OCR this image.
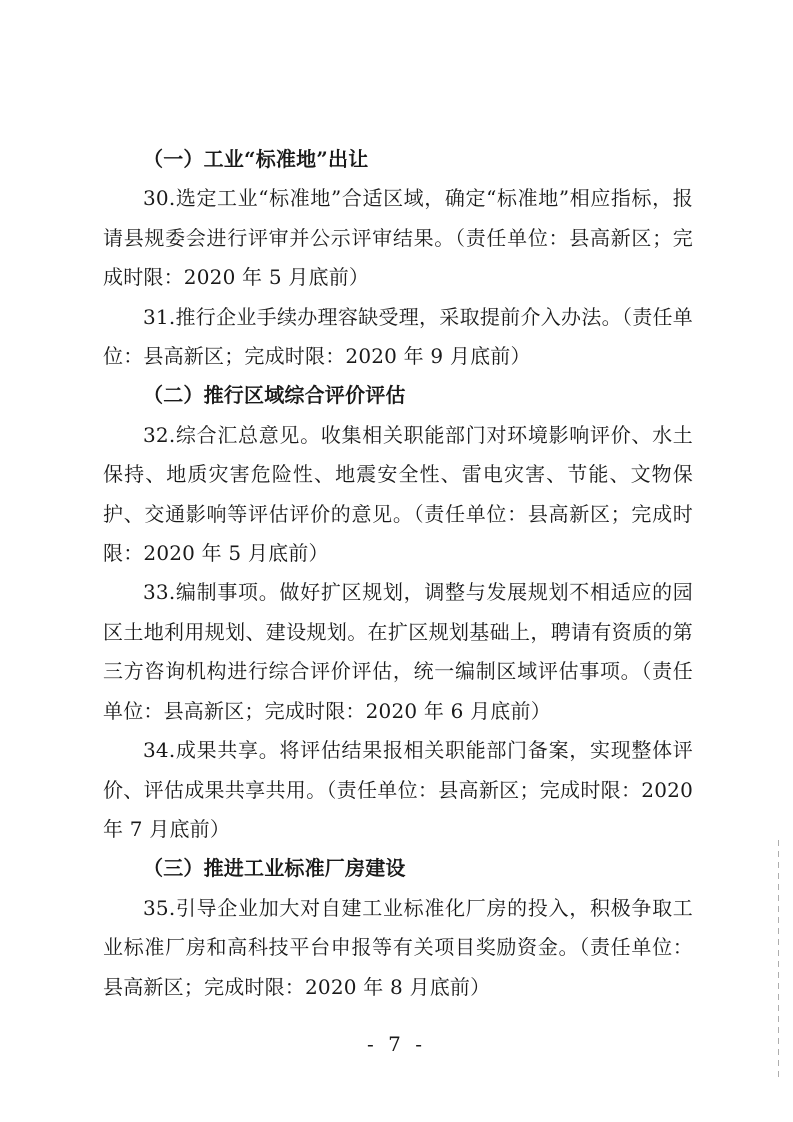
（一）工业“标准地”出让

30.选定工业“标准地”合适区域，确定“标准地”相应指标，报请县规委会进行评审并公示评审结果。（责任单位：县高新区；完成时限：2020 年 5 月底前）

31.推行企业手续办理容缺受理，采取提前介入办法。（责任单位：县高新区；完成时限：2020 年 9 月底前）

（二）推行区域综合评价评估

32.综合汇总意见。收集相关职能部门对环境影响评价、水土保持、地质灾害危险性、地震安全性、雷电灾害、节能、文物保护、交通影响等评估评价的意见。（责任单位：县高新区；完成时限：2020 年 5 月底前）

33.编制事项。做好扩区规划，调整与发展规划不相适应的园区土地利用规划、建设规划。在扩区规划基础上，聘请有资质的第三方咨询机构进行综合评价评估，统一编制区域评估事项。（责任单位：县高新区；完成时限：2020 年 6 月底前）

34.成果共享。将评估结果报相关职能部门备案，实现整体评价、评估成果共享共用。（责任单位：县高新区；完成时限：2020 年 7 月底前）

（三）推进工业标准厂房建设

35.引导企业加大对自建工业标准化厂房的投入，积极争取工业标准厂房和高科技平台申报等有关项目奖励资金。（责任单位：县高新区；完成时限：2020 年 8 月底前）

- 7 -
